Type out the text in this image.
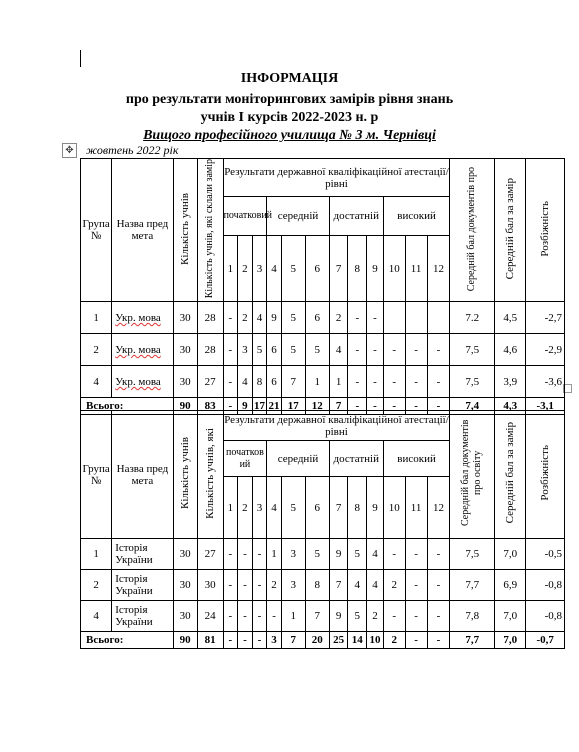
ІНФОРМАЦІЯ
про результати моніторингових замірів рівня знань
учнів І курсів 2022-2023 н. р
Вищого професійного училища № 3 м. Чернівці
✥ жовтень 2022 рік
Група №	Назва предмета	Кількість учнів	Кількість учнів, які склали замір	Результати державної кваліфікаційної атестації/рівні												Середній бал документів про	Середній бал за замір	Розбіжність
				початковий			середній			достатній			високий					
				1	2	3	4	5	6	7	8	9	10	11	12			
1	Укр. мова	30	28	-	2	4	9	5	6	2	-	-				7.2	4,5	-2,7
2	Укр. мова	30	28	-	3	5	6	5	5	4	-	-	-	-	-	7,5	4,6	-2,9
4	Укр. мова	30	27	-	4	8	6	7	1	1	-	-	-	-	-	7,5	3,9	-3,6
Всього:		90	83	-	9	17	21	17	12	7	-	-	-	-	-	7,4	4,3	-3,1
Група №	Назва предмета	Кількість учнів	Кількість учнів, які	Результати державної кваліфікаційної атестації/рівні												Середній бал документів про освіту	Середній бал за замір	Розбіжність
				початковий			середній			достатній			високий					
				1	2	3	4	5	6	7	8	9	10	11	12			
1	Історія України	30	27	-	-	-	1	3	5	9	5	4	-	-	-	7,5	7,0	-0,5
2	Історія України	30	30	-	-	-	2	3	8	7	4	4	2	-	-	7,7	6,9	-0,8
4	Історія України	30	24	-	-	-	-	1	7	9	5	2	-	-	-	7,8	7,0	-0,8
Всього:		90	81	-	-	-	3	7	20	25	14	10	2	-	-	7,7	7,0	-0,7
